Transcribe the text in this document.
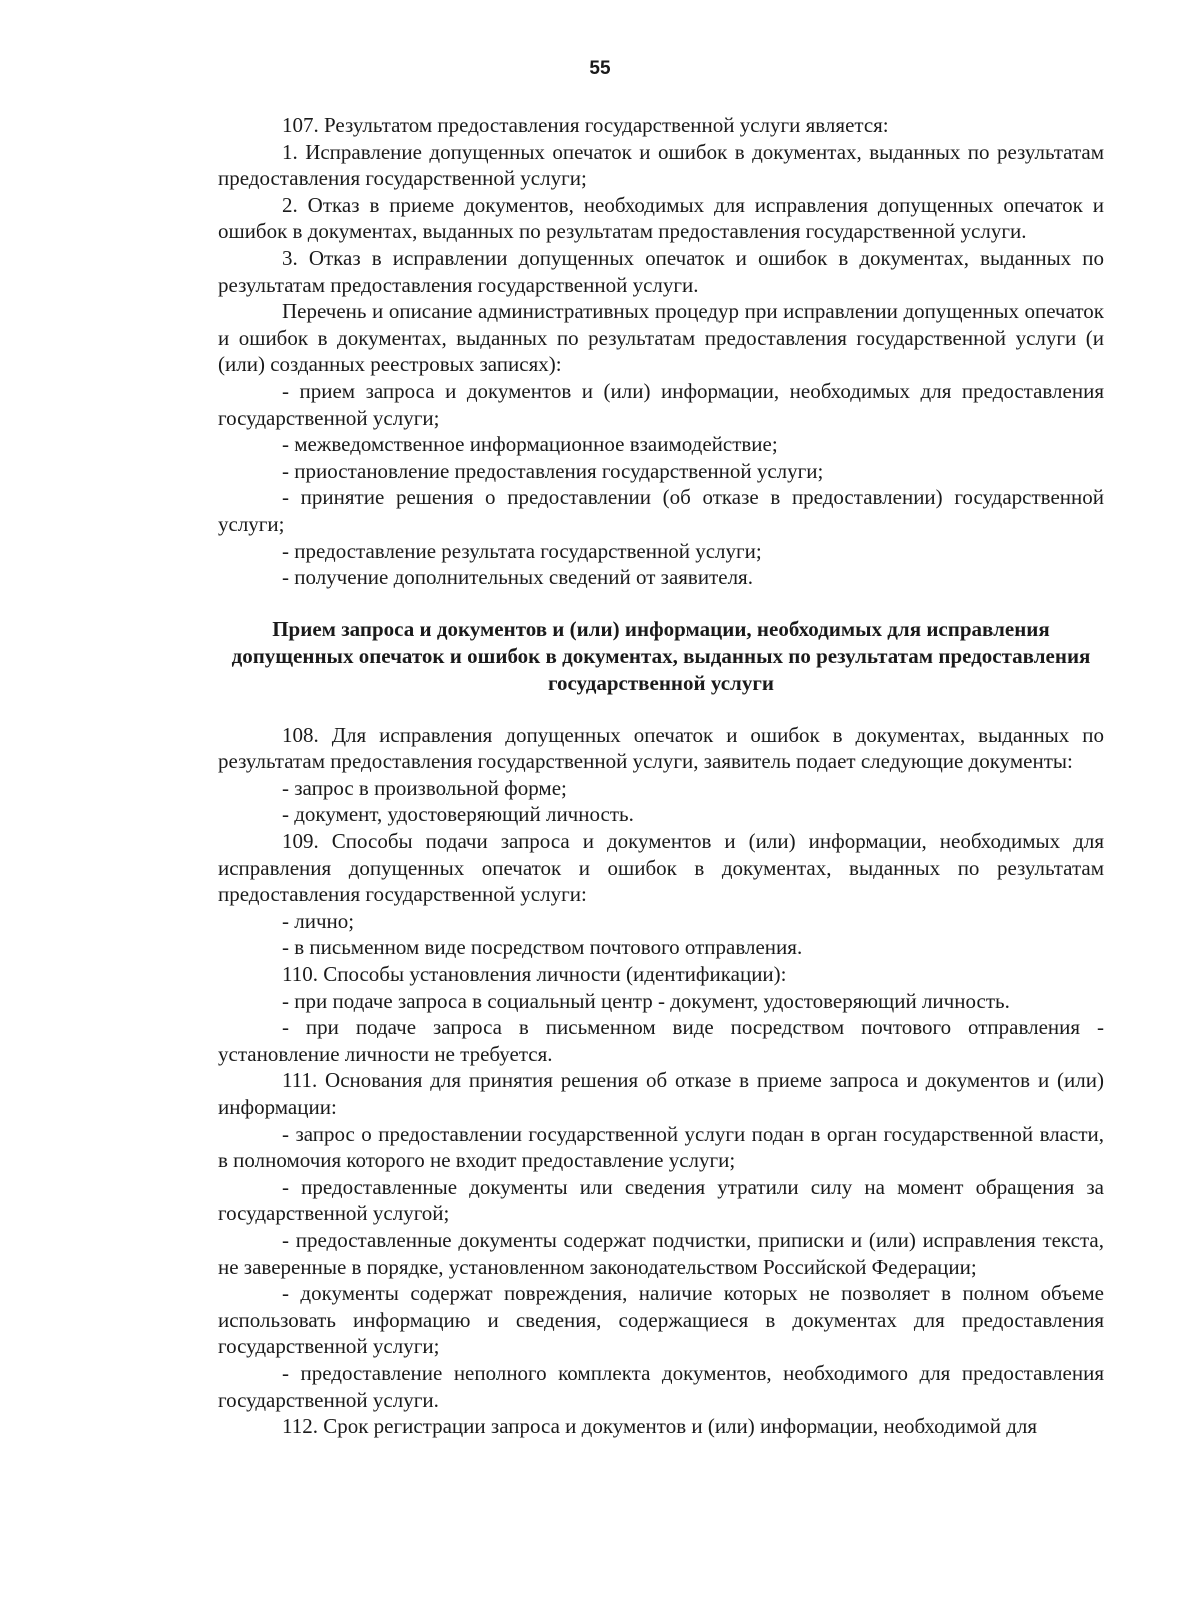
55

107. Результатом предоставления государственной услуги является:

1. Исправление допущенных опечаток и ошибок в документах, выданных по результатам предоставления государственной услуги;

2. Отказ в приеме документов, необходимых для исправления допущенных опечаток и ошибок в документах, выданных по результатам предоставления государственной услуги.

3. Отказ в исправлении допущенных опечаток и ошибок в документах, выданных по результатам предоставления государственной услуги.

Перечень и описание административных процедур при исправлении допущенных опечаток и ошибок в документах, выданных по результатам предоставления государственной услуги (и (или) созданных реестровых записях):

- прием запроса и документов и (или) информации, необходимых для предоставления государственной услуги;

- межведомственное информационное взаимодействие;

- приостановление предоставления государственной услуги;

- принятие решения о предоставлении (об отказе в предоставлении) государственной услуги;

- предоставление результата государственной услуги;

- получение дополнительных сведений от заявителя.

Прием запроса и документов и (или) информации, необходимых для исправления допущенных опечаток и ошибок в документах, выданных по результатам предоставления государственной услуги

108. Для исправления допущенных опечаток и ошибок в документах, выданных по результатам предоставления государственной услуги, заявитель подает следующие документы:

- запрос в произвольной форме;

- документ, удостоверяющий личность.

109. Способы подачи запроса и документов и (или) информации, необходимых для исправления допущенных опечаток и ошибок в документах, выданных по результатам предоставления государственной услуги:

- лично;

- в письменном виде посредством почтового отправления.

110. Способы установления личности (идентификации):

- при подаче запроса в социальный центр - документ, удостоверяющий личность.

- при подаче запроса в письменном виде посредством почтового отправления - установление личности не требуется.

111. Основания для принятия решения об отказе в приеме запроса и документов и (или) информации:

- запрос о предоставлении государственной услуги подан в орган государственной власти, в полномочия которого не входит предоставление услуги;

- предоставленные документы или сведения утратили силу на момент обращения за государственной услугой;

- предоставленные документы содержат подчистки, приписки и (или) исправления текста, не заверенные в порядке, установленном законодательством Российской Федерации;

- документы содержат повреждения, наличие которых не позволяет в полном объеме использовать информацию и сведения, содержащиеся в документах для предоставления государственной услуги;

- предоставление неполного комплекта документов, необходимого для предоставления государственной услуги.

112. Срок регистрации запроса и документов и (или) информации, необходимой для
